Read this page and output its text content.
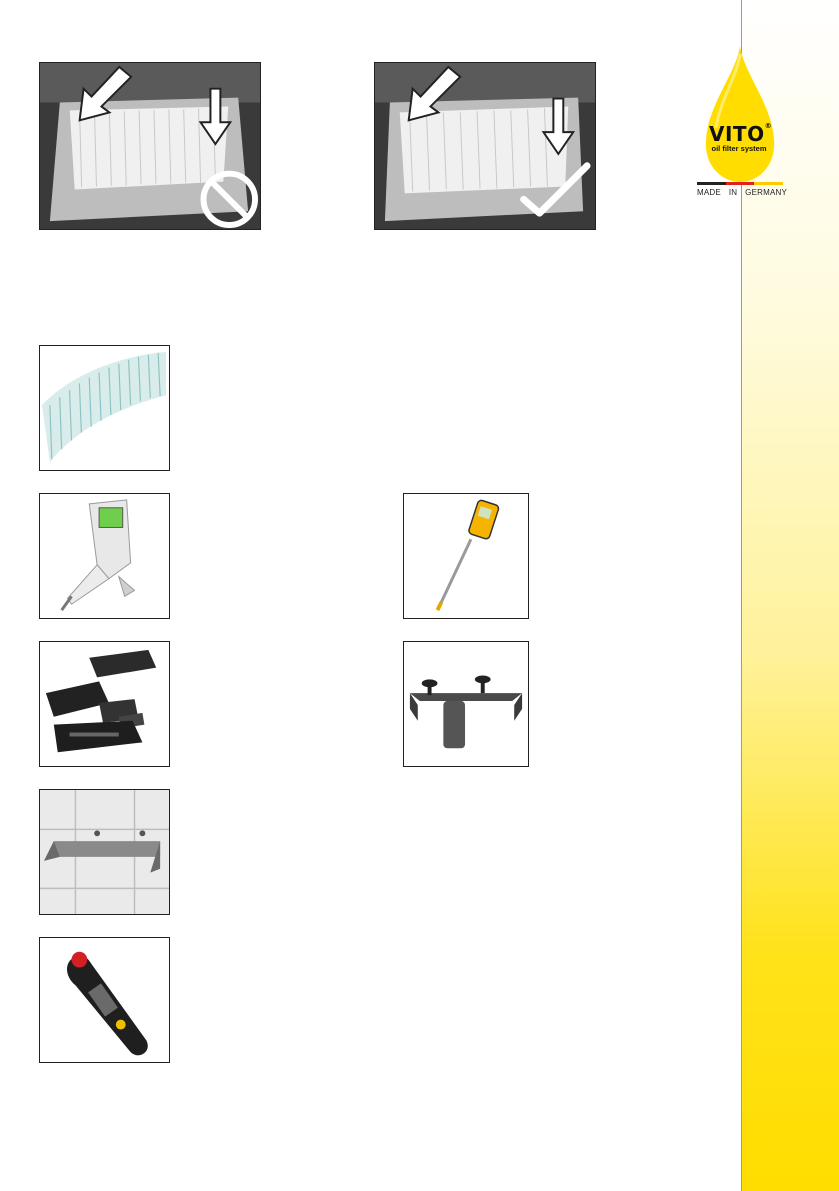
VITO®
oil filter system
MADE IN GERMANY
